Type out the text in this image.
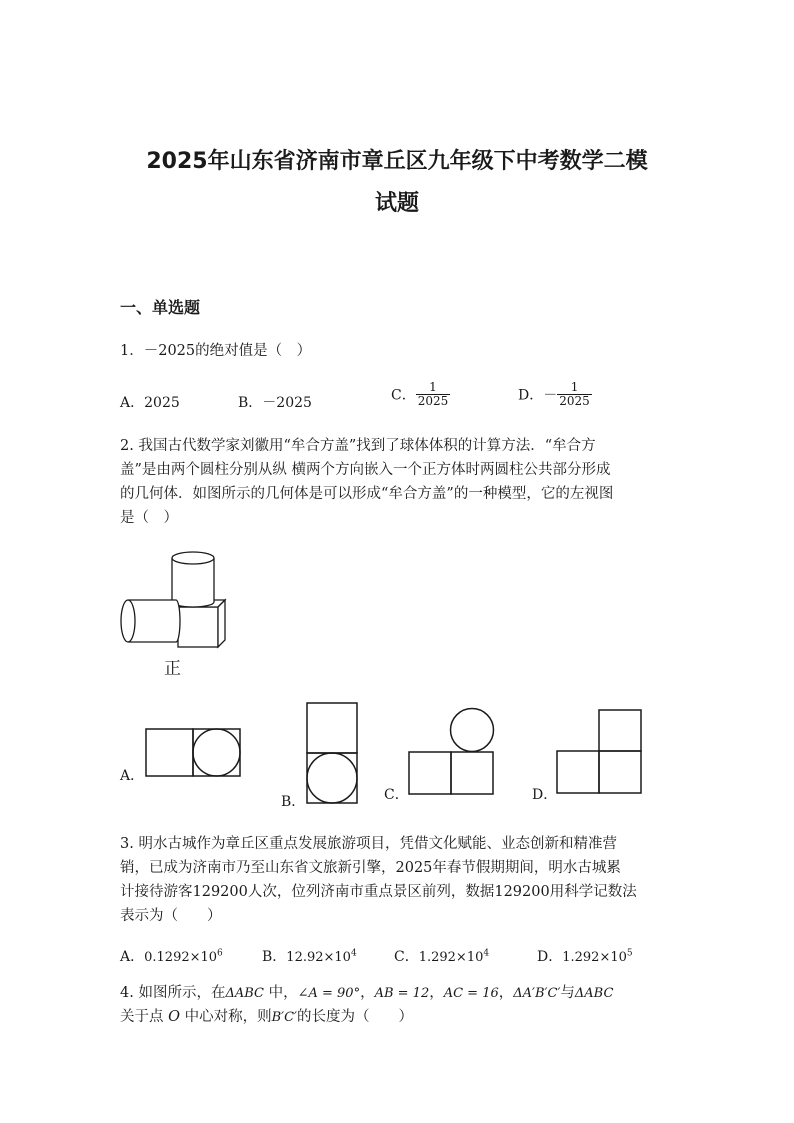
2025年山东省济南市章丘区九年级下中考数学二模
试题
一、单选题
1．－2025的绝对值是（　）
A．2025	B．－2025	C． $\frac{1}{2025}$	D．－ $\frac{1}{2025}$
2. 我国古代数学家刘徽用“牟合方盖”找到了球体体积的计算方法．“牟合方
盖”是由两个圆柱分别从纵 横两个方向嵌入一个正方体时两圆柱公共部分形成
的几何体．如图所示的几何体是可以形成“牟合方盖”的一种模型，它的左视图
是（　）
正
A．
B．	C．	D．
3. 明水古城作为章丘区重点发展旅游项目，凭借文化赋能、业态创新和精准营
销，已成为济南市乃至山东省文旅新引擎，2025年春节假期期间，明水古城累
计接待游客129200人次，位列济南市重点景区前列，数据129200用科学记数法
表示为（　　）
A．$0.1292\times 10^6$	B．$12.92\times 10^4$	C．$1.292\times 10^4$	D．$1.292\times 10^5$
4. 如图所示，在ΔABC 中，∠A = 90°，AB = 12，AC = 16，ΔA′B′C′与ΔABC
关于点 O 中心对称，则B′C′的长度为（　　）
